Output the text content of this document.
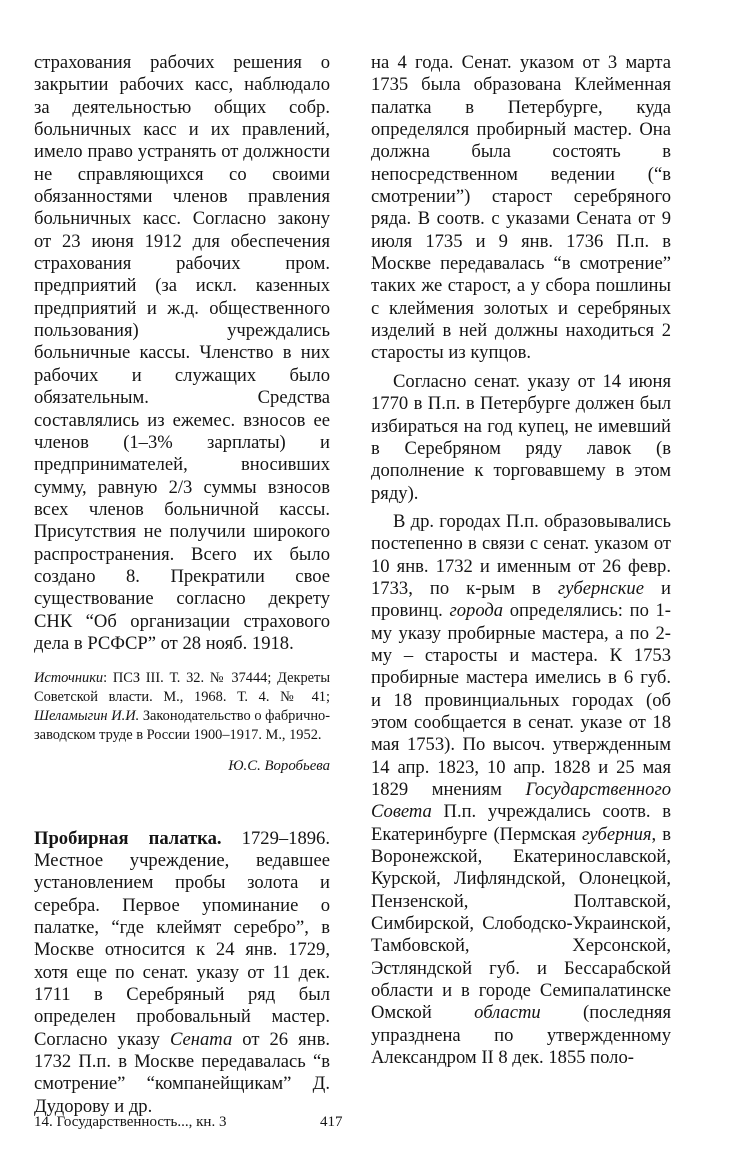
страхования рабочих решения о закрытии рабочих касс, наблюдало за деятельностью общих собр. больничных касс и их правлений, имело право устранять от должности не справляющихся со своими обязанностями членов правления больничных касс. Согласно закону от 23 июня 1912 для обеспечения страхования рабочих пром. предприятий (за искл. казенных предприятий и ж.д. общественного пользования) учреждались больничные кассы. Членство в них рабочих и служащих было обязательным. Средства составлялись из ежемес. взносов ее членов (1–3% зарплаты) и предпринимателей, вносивших сумму, равную 2/3 суммы взносов всех членов больничной кассы. Присутствия не получили широкого распространения. Всего их было создано 8. Прекратили свое существование согласно декрету СНК “Об организации страхового дела в РСФСР” от 28 нояб. 1918.

Источники: ПСЗ III. Т. 32. № 37444; Декреты Советской власти. М., 1968. Т. 4. № 41; Шеламыгин И.И. Законодательство о фабрично-заводском труде в России 1900–1917. М., 1952.

Ю.С. Воробьева

Пробирная палатка. 1729–1896. Местное учреждение, ведавшее установлением пробы золота и серебра. Первое упоминание о палатке, “где клеймят серебро”, в Москве относится к 24 янв. 1729, хотя еще по сенат. указу от 11 дек. 1711 в Серебряный ряд был определен пробовальный мастер. Согласно указу Сената от 26 янв. 1732 П.п. в Москве передавалась “в смотрение” “компанейщикам” Д. Дудорову и др.

на 4 года. Сенат. указом от 3 марта 1735 была образована Клейменная палатка в Петербурге, куда определялся пробирный мастер. Она должна была состоять в непосредственном ведении (“в смотрении”) старост серебряного ряда. В соотв. с указами Сената от 9 июля 1735 и 9 янв. 1736 П.п. в Москве передавалась “в смотрение” таких же старост, а у сбора пошлины с клеймения золотых и серебряных изделий в ней должны находиться 2 старосты из купцов.

Согласно сенат. указу от 14 июня 1770 в П.п. в Петербурге должен был избираться на год купец, не имевший в Серебряном ряду лавок (в дополнение к торговавшему в этом ряду).

В др. городах П.п. образовывались постепенно в связи с сенат. указом от 10 янв. 1732 и именным от 26 февр. 1733, по к-рым в губернские и провинц. города определялись: по 1-му указу пробирные мастера, а по 2-му – старосты и мастера. К 1753 пробирные мастера имелись в 6 губ. и 18 провинциальных городах (об этом сообщается в сенат. указе от 18 мая 1753). По высоч. утвержденным 14 апр. 1823, 10 апр. 1828 и 25 мая 1829 мнениям Государственного Совета П.п. учреждались соотв. в Екатеринбурге (Пермская губерния, в Воронежской, Екатеринославской, Курской, Лифляндской, Олонецкой, Пензенской, Полтавской, Симбирской, Слободско-Украинской, Тамбовской, Херсонской, Эстляндской губ. и Бессарабской области и в городе Семипалатинске Омской области (последняя упразднена по утвержденному Александром II 8 дек. 1855 поло-

14. Государственность..., кн. 3	417
